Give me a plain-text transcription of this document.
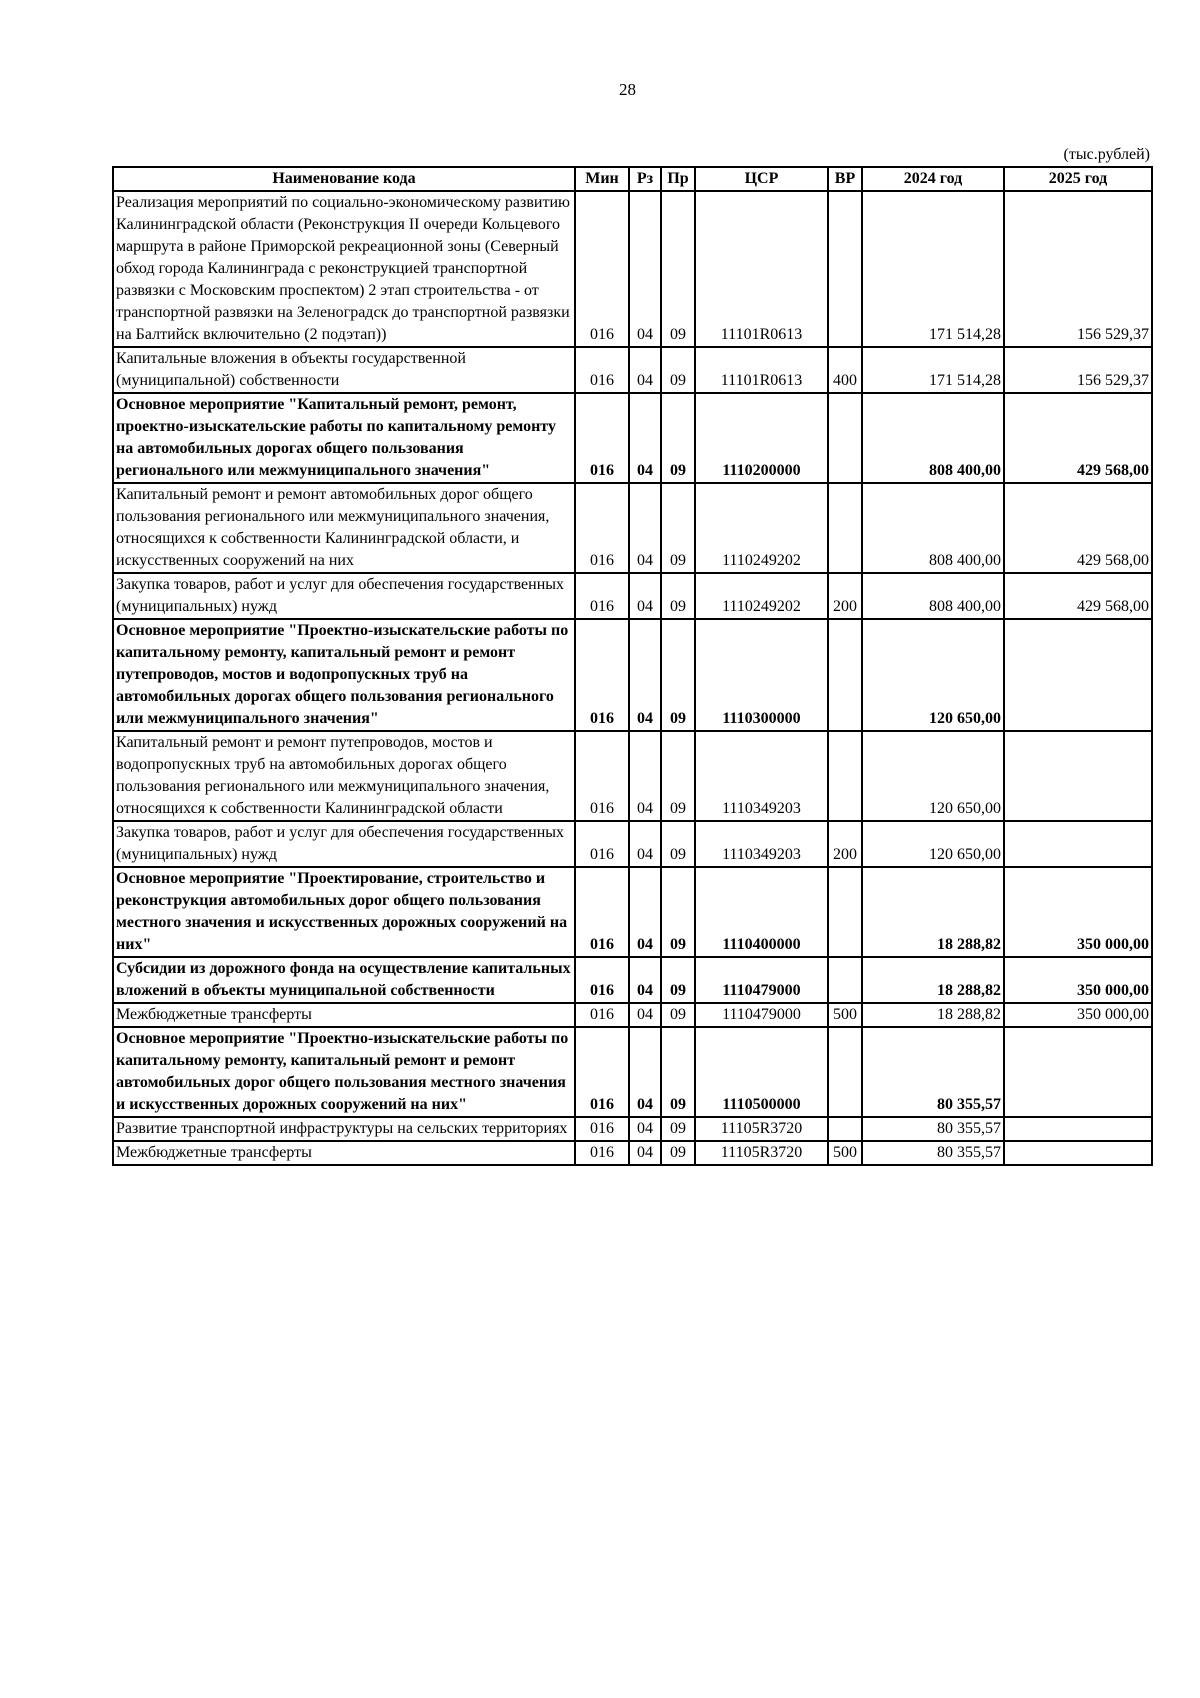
28
(тыс.рублей)
Наименование кода	Мин	Рз	Пр	ЦСР	ВР	2024 год	2025 год
Реализация мероприятий по социально-экономическому развитию Калининградской области (Реконструкция II очереди Кольцевого маршрута в районе Приморской рекреационной зоны (Северный обход города Калининграда с реконструкцией транспортной развязки с Московским проспектом) 2 этап строительства - от транспортной развязки на Зеленоградск до транспортной развязки на Балтийск включительно (2 подэтап))	016	04	09	11101R0613		171 514,28	156 529,37
Капитальные вложения в объекты государственной (муниципальной) собственности	016	04	09	11101R0613	400	171 514,28	156 529,37
Основное мероприятие "Капитальный ремонт, ремонт, проектно-изыскательские работы по капитальному ремонту на автомобильных дорогах общего пользования регионального или межмуниципального значения"	016	04	09	1110200000		808 400,00	429 568,00
Капитальный ремонт и ремонт автомобильных дорог общего пользования регионального или межмуниципального значения, относящихся к собственности Калининградской области, и искусственных сооружений на них	016	04	09	1110249202		808 400,00	429 568,00
Закупка товаров, работ и услуг для обеспечения государственных (муниципальных) нужд	016	04	09	1110249202	200	808 400,00	429 568,00
Основное мероприятие "Проектно-изыскательские работы по капитальному ремонту, капитальный ремонт и ремонт путепроводов, мостов и водопропускных труб на автомобильных дорогах общего пользования регионального или межмуниципального значения"	016	04	09	1110300000		120 650,00	
Капитальный ремонт и ремонт путепроводов, мостов и водопропускных труб на автомобильных дорогах общего пользования регионального или межмуниципального значения, относящихся к собственности Калининградской области	016	04	09	1110349203		120 650,00	
Закупка товаров, работ и услуг для обеспечения государственных (муниципальных) нужд	016	04	09	1110349203	200	120 650,00	
Основное мероприятие "Проектирование, строительство и реконструкция автомобильных дорог общего пользования местного значения и искусственных дорожных сооружений на них"	016	04	09	1110400000		18 288,82	350 000,00
Субсидии из дорожного фонда на осуществление капитальных вложений в объекты муниципальной собственности	016	04	09	1110479000		18 288,82	350 000,00
Межбюджетные трансферты	016	04	09	1110479000	500	18 288,82	350 000,00
Основное мероприятие "Проектно-изыскательские работы по капитальному ремонту, капитальный ремонт и ремонт автомобильных дорог общего пользования местного значения и искусственных дорожных сооружений на них"	016	04	09	1110500000		80 355,57	
Развитие транспортной инфраструктуры на сельских территориях	016	04	09	11105R3720		80 355,57	
Межбюджетные трансферты	016	04	09	11105R3720	500	80 355,57	
